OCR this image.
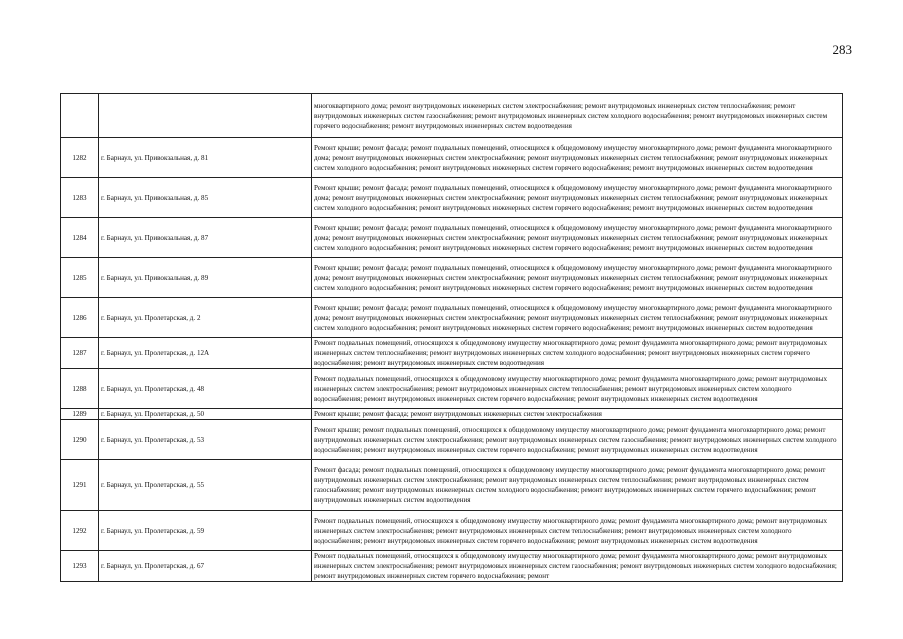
283
		многоквартирного дома; ремонт внутридомовых инженерных систем электроснабжения; ремонт внутридомовых инженерных систем теплоснабжения; ремонт внутридомовых инженерных систем газоснабжения; ремонт внутридомовых инженерных систем холодного водоснабжения; ремонт внутридомовых инженерных систем горячего водоснабжения; ремонт внутридомовых инженерных систем водоотведения
1282	г. Барнаул, ул. Привокзальная, д. 81	Ремонт крыши; ремонт фасада; ремонт подвальных помещений, относящихся к общедомовому имуществу многоквартирного дома; ремонт фундамента многоквартирного дома; ремонт внутридомовых инженерных систем электроснабжения; ремонт внутридомовых инженерных систем теплоснабжения; ремонт внутридомовых инженерных систем холодного водоснабжения; ремонт внутридомовых инженерных систем горячего водоснабжения; ремонт внутридомовых инженерных систем водоотведения
1283	г. Барнаул, ул. Привокзальная, д. 85	Ремонт крыши; ремонт фасада; ремонт подвальных помещений, относящихся к общедомовому имуществу многоквартирного дома; ремонт фундамента многоквартирного дома; ремонт внутридомовых инженерных систем электроснабжения; ремонт внутридомовых инженерных систем теплоснабжения; ремонт внутридомовых инженерных систем холодного водоснабжения; ремонт внутридомовых инженерных систем горячего водоснабжения; ремонт внутридомовых инженерных систем водоотведения
1284	г. Барнаул, ул. Привокзальная, д. 87	Ремонт крыши; ремонт фасада; ремонт подвальных помещений, относящихся к общедомовому имуществу многоквартирного дома; ремонт фундамента многоквартирного дома; ремонт внутридомовых инженерных систем электроснабжения; ремонт внутридомовых инженерных систем теплоснабжения; ремонт внутридомовых инженерных систем холодного водоснабжения; ремонт внутридомовых инженерных систем горячего водоснабжения; ремонт внутридомовых инженерных систем водоотведения
1285	г. Барнаул, ул. Привокзальная, д. 89	Ремонт крыши; ремонт фасада; ремонт подвальных помещений, относящихся к общедомовому имуществу многоквартирного дома; ремонт фундамента многоквартирного дома; ремонт внутридомовых инженерных систем электроснабжения; ремонт внутридомовых инженерных систем теплоснабжения; ремонт внутридомовых инженерных систем холодного водоснабжения; ремонт внутридомовых инженерных систем горячего водоснабжения; ремонт внутридомовых инженерных систем водоотведения
1286	г. Барнаул, ул. Пролетарская, д. 2	Ремонт крыши; ремонт фасада; ремонт подвальных помещений, относящихся к общедомовому имуществу многоквартирного дома; ремонт фундамента многоквартирного дома; ремонт внутридомовых инженерных систем электроснабжения; ремонт внутридомовых инженерных систем теплоснабжения; ремонт внутридомовых инженерных систем холодного водоснабжения; ремонт внутридомовых инженерных систем горячего водоснабжения; ремонт внутридомовых инженерных систем водоотведения
1287	г. Барнаул, ул. Пролетарская, д. 12А	Ремонт подвальных помещений, относящихся к общедомовому имуществу многоквартирного дома; ремонт фундамента многоквартирного дома; ремонт внутридомовых инженерных систем теплоснабжения; ремонт внутридомовых инженерных систем холодного водоснабжения; ремонт внутридомовых инженерных систем горячего водоснабжения; ремонт внутридомовых инженерных систем водоотведения
1288	г. Барнаул, ул. Пролетарская, д. 48	Ремонт подвальных помещений, относящихся к общедомовому имуществу многоквартирного дома; ремонт фундамента многоквартирного дома; ремонт внутридомовых инженерных систем электроснабжения; ремонт внутридомовых инженерных систем теплоснабжения; ремонт внутридомовых инженерных систем холодного водоснабжения; ремонт внутридомовых инженерных систем горячего водоснабжения; ремонт внутридомовых инженерных систем водоотведения
1289	г. Барнаул, ул. Пролетарская, д. 50	Ремонт крыши; ремонт фасада; ремонт внутридомовых инженерных систем электроснабжения
1290	г. Барнаул, ул. Пролетарская, д. 53	Ремонт крыши; ремонт подвальных помещений, относящихся к общедомовому имуществу многоквартирного дома; ремонт фундамента многоквартирного дома; ремонт внутридомовых инженерных систем электроснабжения; ремонт внутридомовых инженерных систем газоснабжения; ремонт внутридомовых инженерных систем холодного водоснабжения; ремонт внутридомовых инженерных систем горячего водоснабжения; ремонт внутридомовых инженерных систем водоотведения
1291	г. Барнаул, ул. Пролетарская, д. 55	Ремонт фасада; ремонт подвальных помещений, относящихся к общедомовому имуществу многоквартирного дома; ремонт фундамента многоквартирного дома; ремонт внутридомовых инженерных систем электроснабжения; ремонт внутридомовых инженерных систем теплоснабжения; ремонт внутридомовых инженерных систем газоснабжения; ремонт внутридомовых инженерных систем холодного водоснабжения; ремонт внутридомовых инженерных систем горячего водоснабжения; ремонт внутридомовых инженерных систем водоотведения
1292	г. Барнаул, ул. Пролетарская, д. 59	Ремонт подвальных помещений, относящихся к общедомовому имуществу многоквартирного дома; ремонт фундамента многоквартирного дома; ремонт внутридомовых инженерных систем электроснабжения; ремонт внутридомовых инженерных систем теплоснабжения; ремонт внутридомовых инженерных систем холодного водоснабжения; ремонт внутридомовых инженерных систем горячего водоснабжения; ремонт внутридомовых инженерных систем водоотведения
1293	г. Барнаул, ул. Пролетарская, д. 67	Ремонт подвальных помещений, относящихся к общедомовому имуществу многоквартирного дома; ремонт фундамента многоквартирного дома; ремонт внутридомовых инженерных систем электроснабжения; ремонт внутридомовых инженерных систем газоснабжения; ремонт внутридомовых инженерных систем холодного водоснабжения; ремонт внутридомовых инженерных систем горячего водоснабжения; ремонт
